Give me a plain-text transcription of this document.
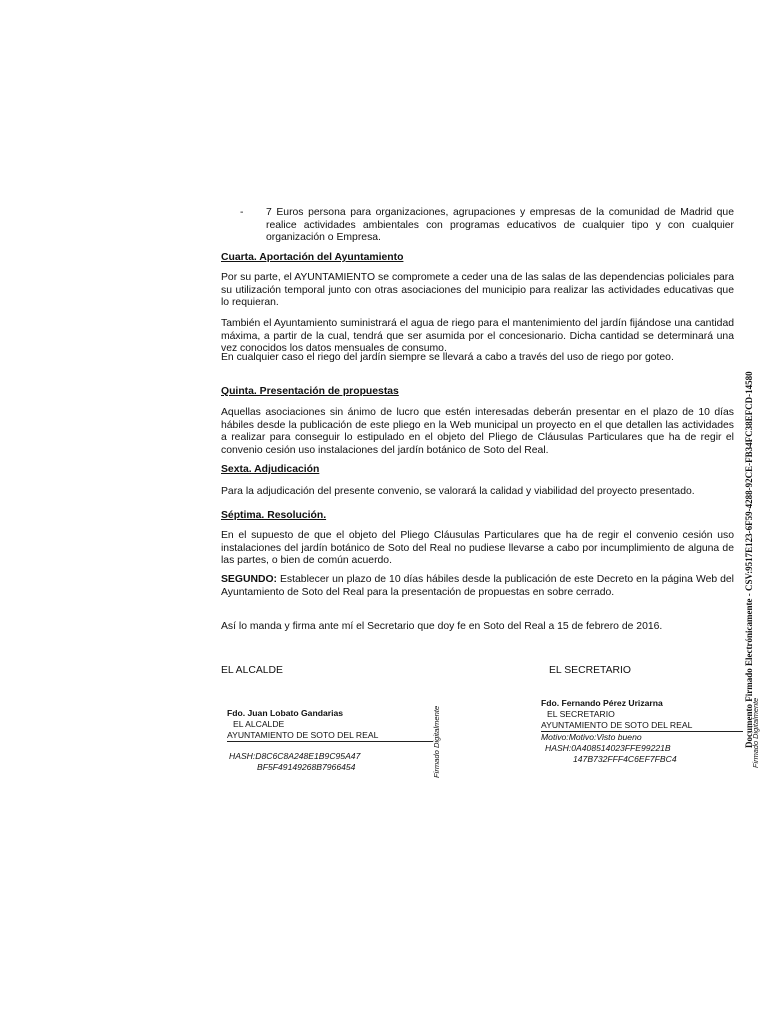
- 7 Euros persona para organizaciones, agrupaciones y empresas de la comunidad de Madrid que realice actividades ambientales con programas educativos de cualquier tipo y con cualquier organización o Empresa.
Cuarta. Aportación del Ayuntamiento
Por su parte, el AYUNTAMIENTO se compromete a ceder una de las salas de las dependencias policiales para su utilización temporal junto con otras asociaciones del municipio para realizar las actividades educativas que lo requieran.
También el Ayuntamiento suministrará el agua de riego para el mantenimiento del jardín fijándose una cantidad máxima, a partir de la cual, tendrá que ser asumida por el concesionario. Dicha cantidad se determinará una vez conocidos los datos mensuales de consumo.
En cualquier caso el riego del jardín siempre se llevará a cabo a través del uso de riego por goteo.
Quinta. Presentación de propuestas
Aquellas asociaciones sin ánimo de lucro que estén interesadas deberán presentar en el plazo de 10 días hábiles desde la publicación de este pliego en la Web municipal un proyecto en el que detallen las actividades a realizar para conseguir lo estipulado en el objeto del Pliego de Cláusulas Particulares que ha de regir el convenio cesión uso instalaciones del jardín botánico de Soto del Real.
Sexta. Adjudicación
Para la adjudicación del presente convenio, se valorará la calidad y viabilidad del proyecto presentado.
Séptima. Resolución.
En el supuesto de que el objeto del Pliego Cláusulas Particulares que ha de regir el convenio cesión uso instalaciones del jardín botánico de Soto del Real no pudiese llevarse a cabo por incumplimiento de alguna de las partes, o bien de común acuerdo.
SEGUNDO: Establecer un plazo de 10 días hábiles desde la publicación de este Decreto en la página Web del Ayuntamiento de Soto del Real para la presentación de propuestas en sobre cerrado.
Así lo manda y firma ante mí el Secretario que doy fe en Soto del Real a 15 de febrero de 2016.
EL ALCALDE	EL SECRETARIO
Fdo. Juan Lobato Gandarias
EL ALCALDE
AYUNTAMIENTO DE SOTO DEL REAL
HASH:D8C6C8A248E1B9C95A47
BF5F49149268B7966454	Firmado Digitalmente
Fdo. Fernando Pérez Urizarna
EL SECRETARIO
AYUNTAMIENTO DE SOTO DEL REAL
Motivo:Motivo:Visto bueno
HASH:0A408514023FFE99221B
147B732FFF4C6EF7FBC4
Documento Firmado Electrónicamente - CSV:9517E123-6F59-4288-92CE-FB34FC38EFCD-14580
Firmado Digitalmente
